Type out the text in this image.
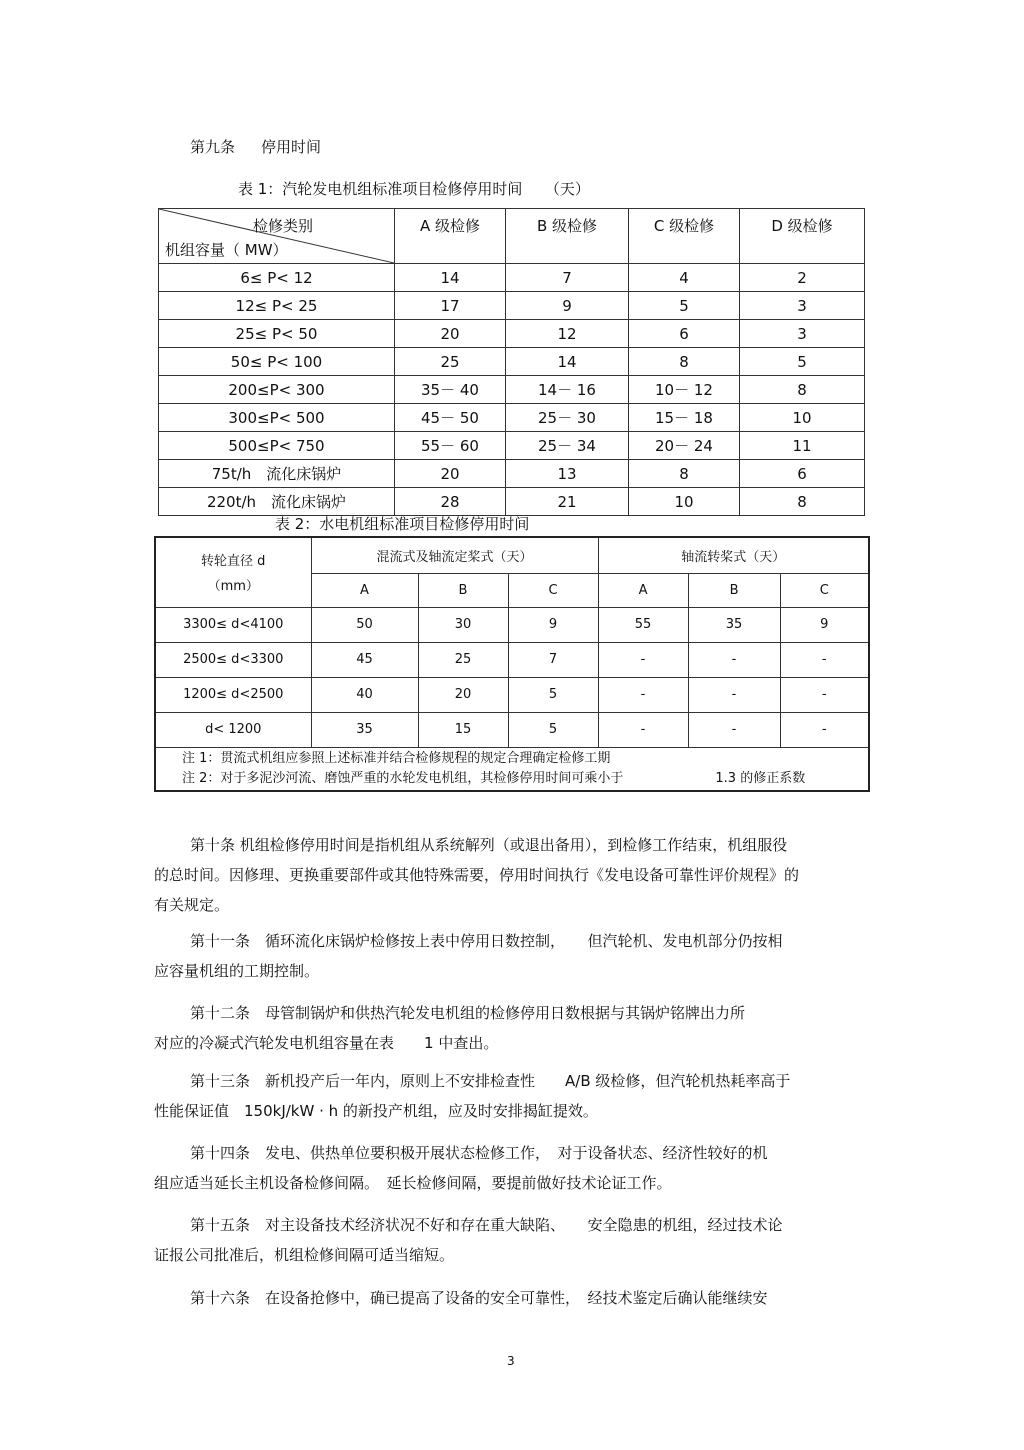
第九条 停用时间
表 1：汽轮发电机组标准项目检修停用时间　　（天）
检修类别
机组容量（ MW）	A 级检修	B 级检修	C 级检修	D 级检修
6≤ P< 12	14	7	4	2
12≤ P< 25	17	9	5	3
25≤ P< 50	20	12	6	3
50≤ P< 100	25	14	8	5
200≤P< 300	35－ 40	14－ 16	10－ 12	8
300≤P< 500	45－ 50	25－ 30	15－ 18	10
500≤P< 750	55－ 60	25－ 34	20－ 24	11
75t/h　流化床锅炉	20	13	8	6
220t/h　流化床锅炉	28	21	10	8
表 2：水电机组标准项目检修停用时间
转轮直径 d
（mm）	混流式及轴流定桨式（天）			轴流转桨式（天）		
	A	B	C	A	B	C
3300≤ d<4100	50	30	9	55	35	9
2500≤ d<3300	45	25	7	-	-	-
1200≤ d<2500	40	20	5	-	-	-
d< 1200	35	15	5	-	-	-

注 1：贯流式机组应参照上述标准并结合检修规程的规定合理确定检修工期
注 2：对于多泥沙河流、磨蚀严重的水轮发电机组，其检修停用时间可乘小于 1.3 的修正系数						
第十条 机组检修停用时间是指机组从系统解列（或退出备用），到检修工作结束，机组服役
的总时间。因修理、更换重要部件或其他特殊需要，停用时间执行《发电设备可靠性评价规程》的
有关规定。
第十一条　循环流化床锅炉检修按上表中停用日数控制，　　但汽轮机、发电机部分仍按相
应容量机组的工期控制。
第十二条　母管制锅炉和供热汽轮发电机组的检修停用日数根据与其锅炉铭牌出力所
对应的冷凝式汽轮发电机组容量在表　　1 中查出。
第十三条　新机投产后一年内，原则上不安排检查性　　A/B 级检修，但汽轮机热耗率高于
性能保证值　150kJ/kW · h 的新投产机组，应及时安排揭缸提效。
第十四条　发电、供热单位要积极开展状态检修工作，　对于设备状态、经济性较好的机
组应适当延长主机设备检修间隔。　延长检修间隔，要提前做好技术论证工作。
第十五条　对主设备技术经济状况不好和存在重大缺陷、　　安全隐患的机组，经过技术论
证报公司批准后，机组检修间隔可适当缩短。
第十六条　在设备抢修中，确已提高了设备的安全可靠性，　经技术鉴定后确认能继续安
3
